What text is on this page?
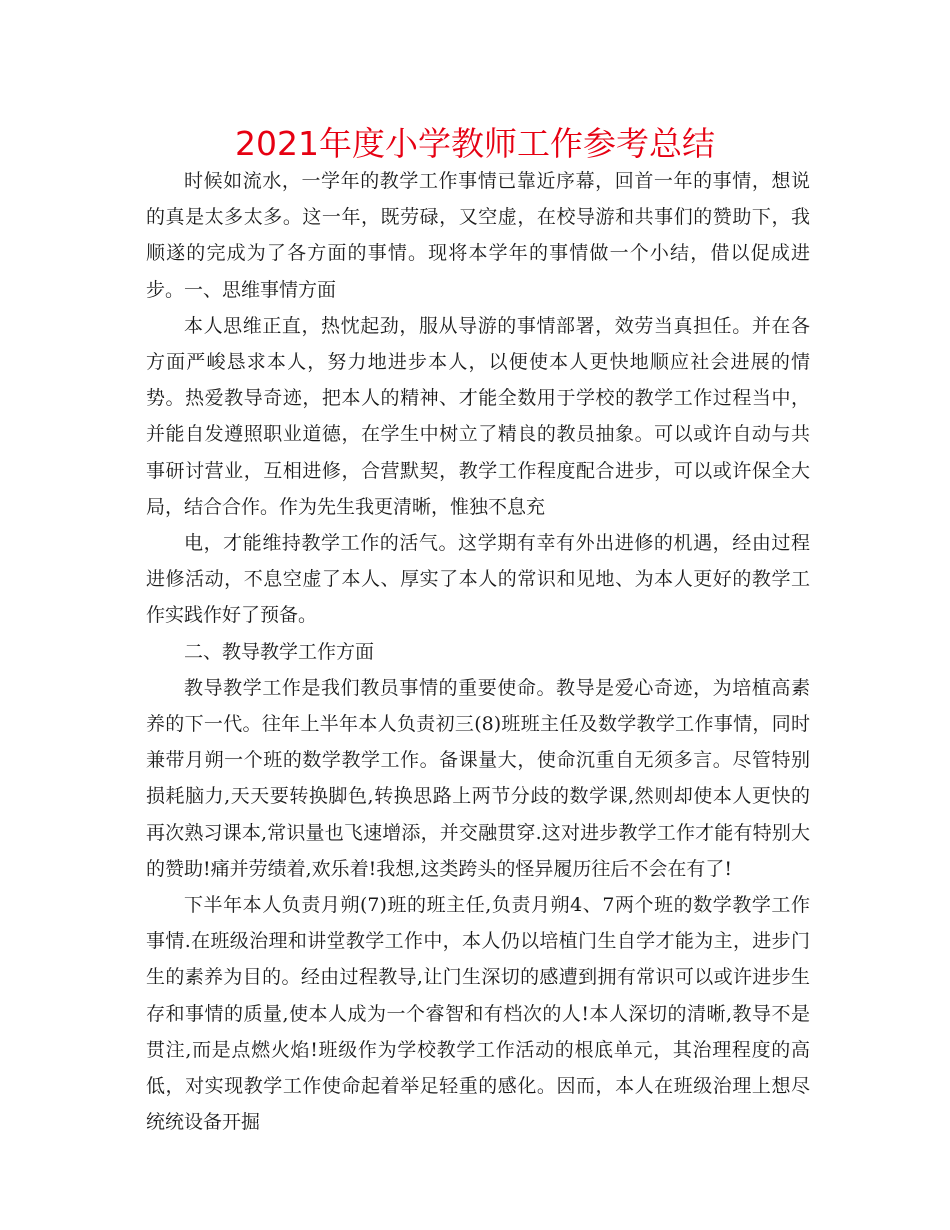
2021年度小学教师工作参考总结

时候如流水，一学年的教学工作事情已靠近序幕，回首一年的事情，想说的真是太多太多。这一年，既劳碌，又空虚，在校导游和共事们的赞助下，我顺遂的完成为了各方面的事情。现将本学年的事情做一个小结，借以促成进步。一、思维事情方面

本人思维正直，热忱起劲，服从导游的事情部署，效劳当真担任。并在各方面严峻恳求本人，努力地进步本人，以便使本人更快地顺应社会进展的情势。热爱教导奇迹，把本人的精神、才能全数用于学校的教学工作过程当中，并能自发遵照职业道德，在学生中树立了精良的教员抽象。可以或许自动与共事研讨营业，互相进修，合营默契，教学工作程度配合进步，可以或许保全大局，结合合作。作为先生我更清晰，惟独不息充

电，才能维持教学工作的活气。这学期有幸有外出进修的机遇，经由过程进修活动，不息空虚了本人、厚实了本人的常识和见地、为本人更好的教学工作实践作好了预备。

二、教导教学工作方面

教导教学工作是我们教员事情的重要使命。教导是爱心奇迹，为培植高素养的下一代。往年上半年本人负责初三(8)班班主任及数学教学工作事情，同时兼带月朔一个班的数学教学工作。备课量大，使命沉重自无须多言。尽管特别损耗脑力,天天要转换脚色,转换思路上两节分歧的数学课,然则却使本人更快的再次熟习课本,常识量也飞速增添，并交融贯穿.这对进步教学工作才能有特别大的赞助!痛并劳绩着,欢乐着!我想,这类跨头的怪异履历往后不会在有了!

下半年本人负责月朔(7)班的班主任,负责月朔4、7两个班的数学教学工作事情.在班级治理和讲堂教学工作中，本人仍以培植门生自学才能为主，进步门生的素养为目的。经由过程教导,让门生深切的感遭到拥有常识可以或许进步生存和事情的质量,使本人成为一个睿智和有档次的人!本人深切的清晰,教导不是贯注,而是点燃火焰!班级作为学校教学工作活动的根底单元，其治理程度的高低，对实现教学工作使命起着举足轻重的感化。因而，本人在班级治理上想尽统统设备开掘
